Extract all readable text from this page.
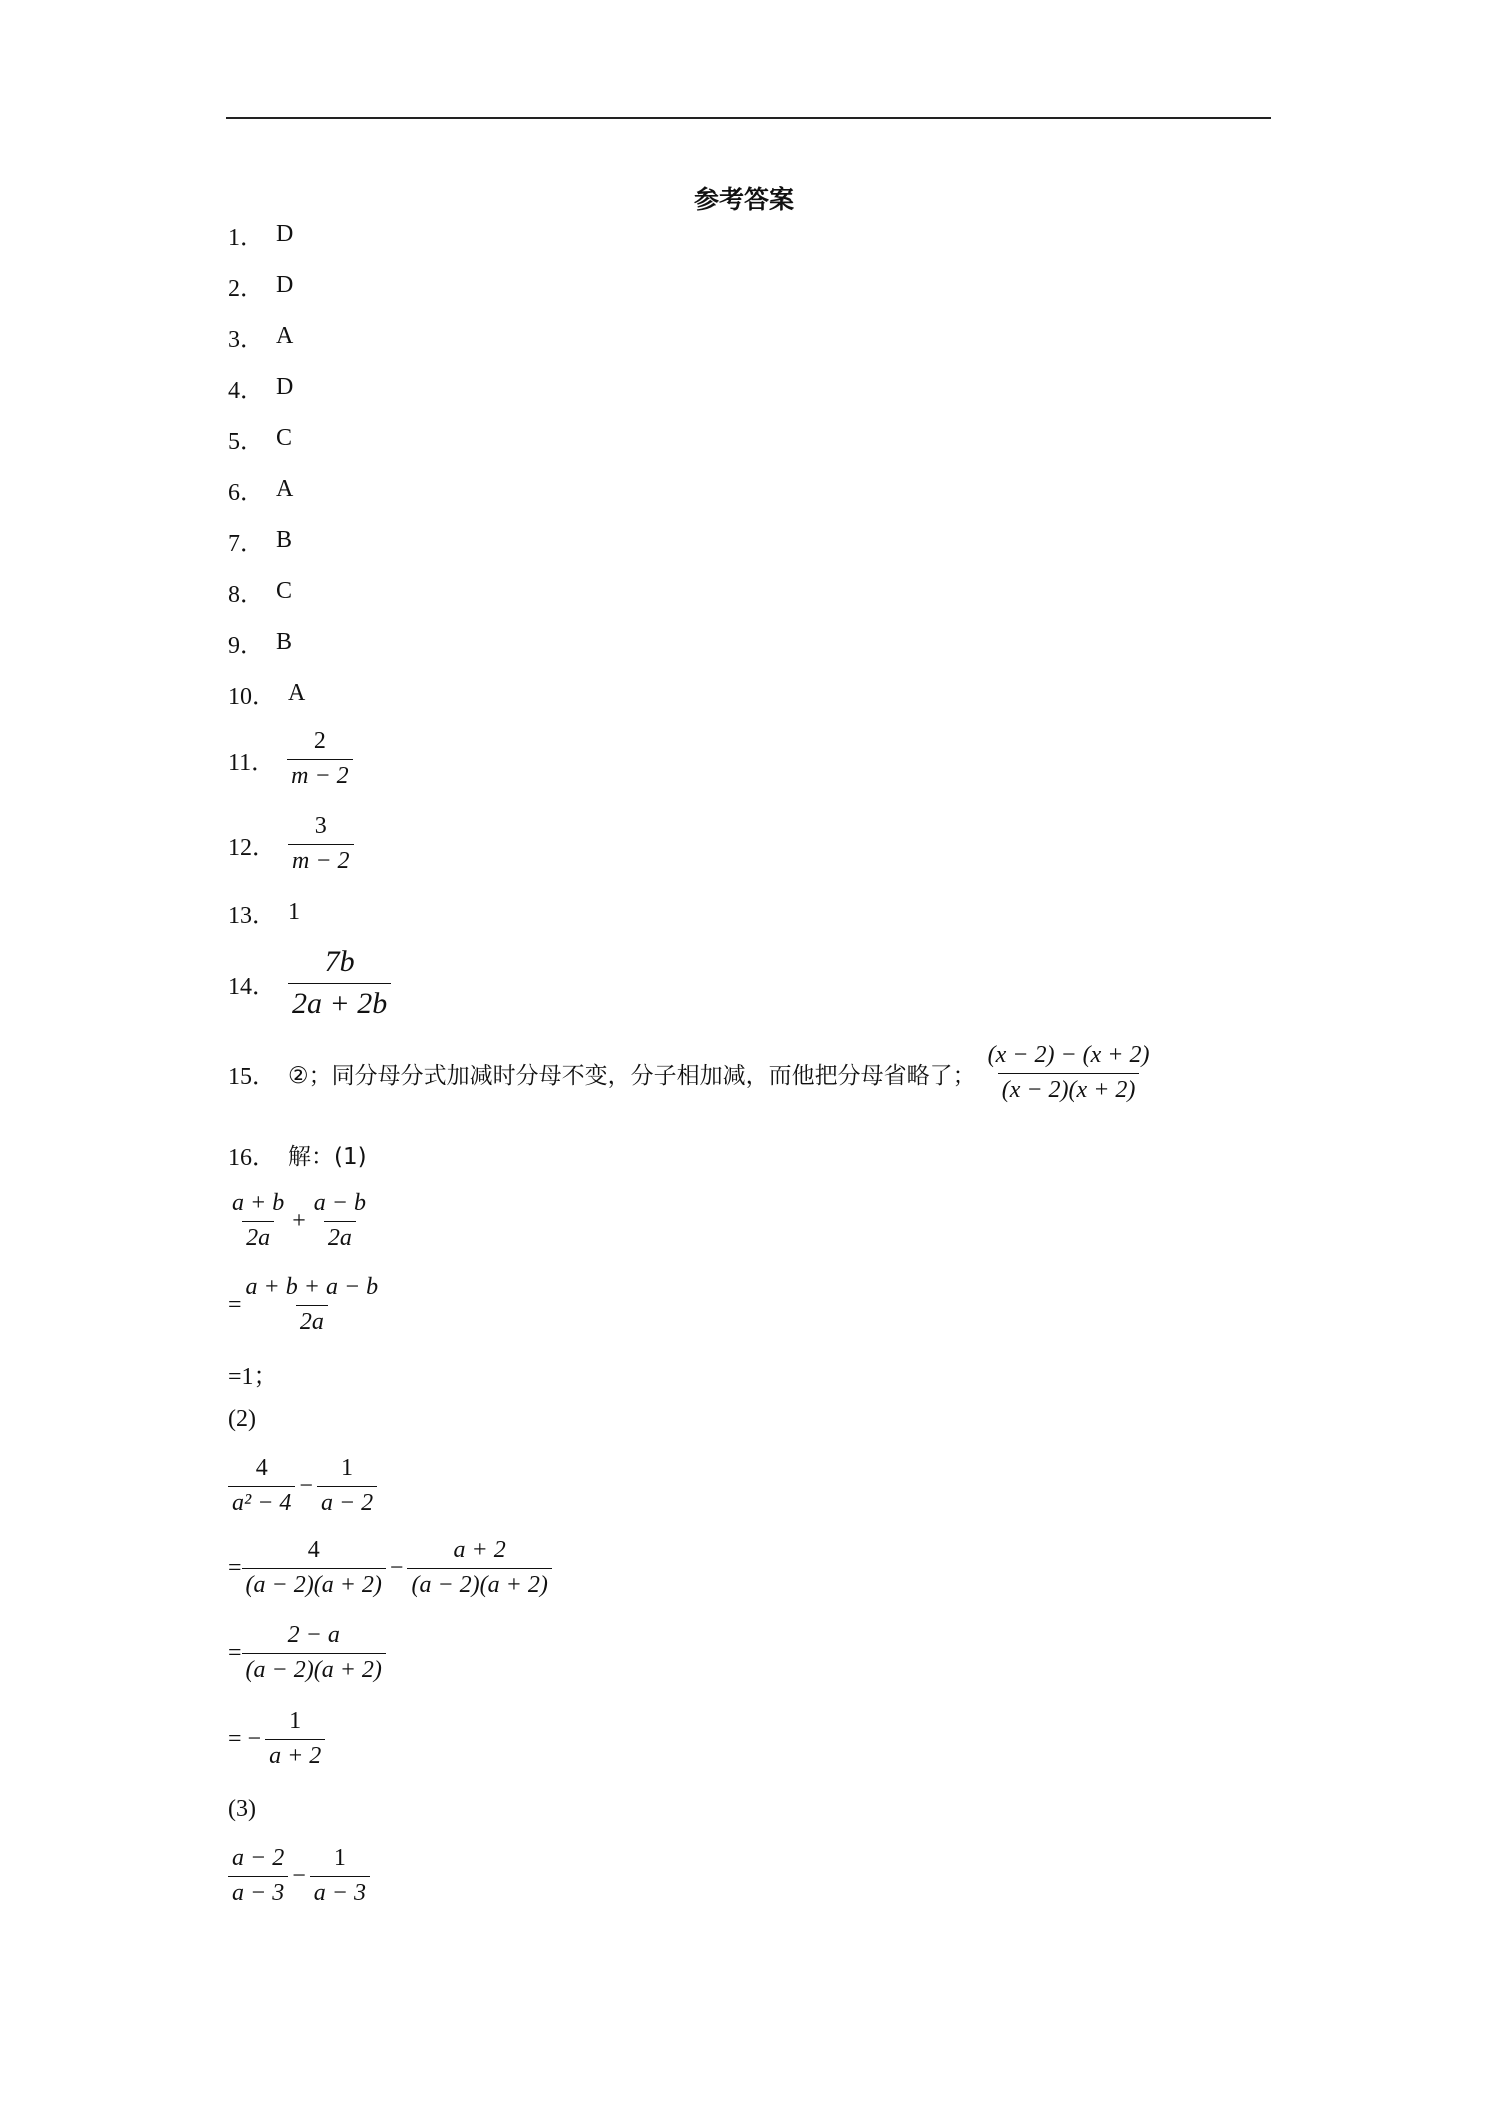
参考答案
1． D
2． D
3． A
4． D
5． C
6． A
7． B
8． C
9． B
10． A
11． $\frac{2}{m - 2}$
12． $\frac{3}{m - 2}$
13． 1
14． $\frac{7b}{2a + 2b}$
15． ②；同分母分式加减时分母不变，分子相加减，而他把分母省略了； $\frac{(x - 2) - (x + 2)}{(x - 2)(x + 2)}$
16． 解：(1)
$\frac{a + b}{2a} + \frac{a - b}{2a}$
= $\frac{a + b + a - b}{2a}$
=1；
(2)
$\frac{4}{\text{a² − 4}} - \frac{1}{a - 2}$
= $\frac{4}{(a - 2)(a + 2)} - \frac{a + 2}{(a - 2)(a + 2)}$
= $\frac{2 - a}{(a - 2)(a + 2)}$
= − $\frac{1}{a + 2}$
(3)
$\frac{a - 2}{a - 3} - \frac{1}{a - 3}$
